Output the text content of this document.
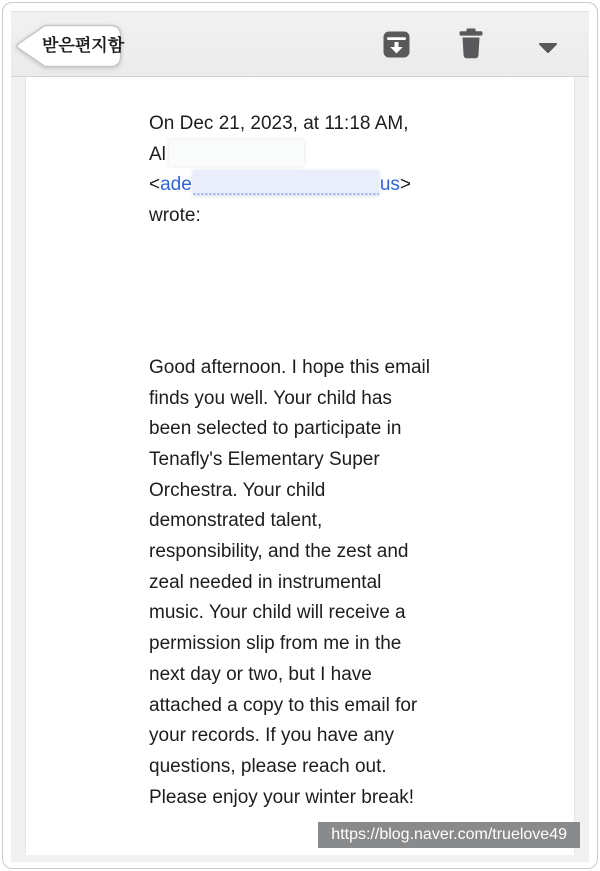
받은편지함
On Dec 21, 2023, at 11:18 AM,
Al
<ade	us>
wrote:
Good afternoon. I hope this email
finds you well. Your child has
been selected to participate in
Tenafly's Elementary Super
Orchestra. Your child
demonstrated talent,
responsibility, and the zest and
zeal needed in instrumental
music. Your child will receive a
permission slip from me in the
next day or two, but I have
attached a copy to this email for
your records. If you have any
questions, please reach out.
Please enjoy your winter break!
https://blog.naver.com/truelove49
